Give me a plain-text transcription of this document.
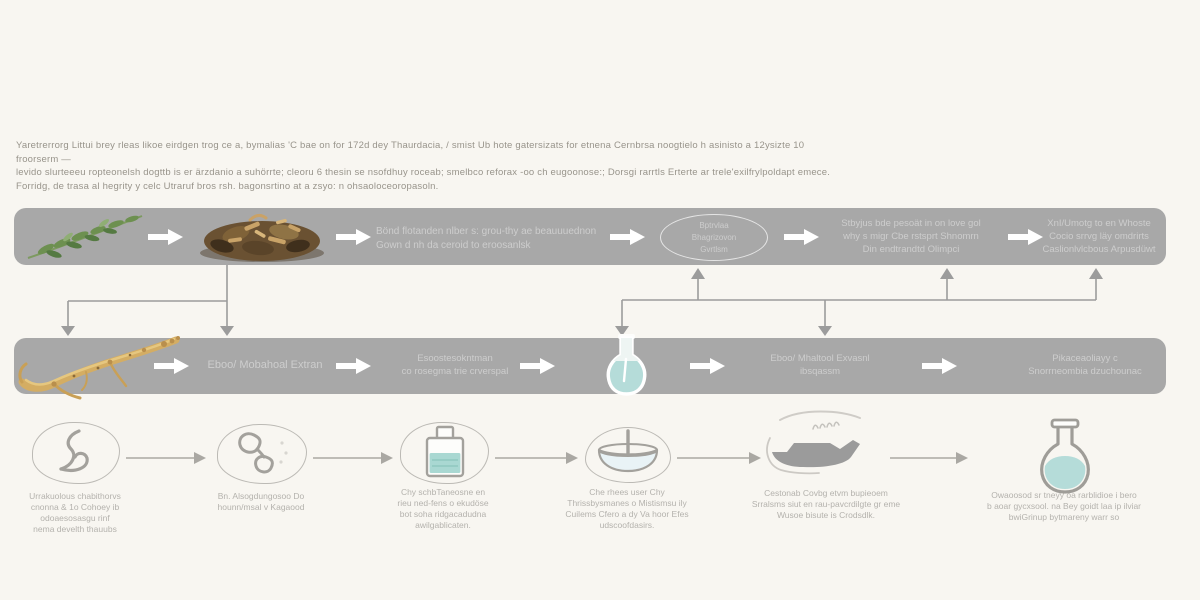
Yaretrerrorg Littui brey rleas likoe eirdgen trog ce a, bymalias 'C bae on for 172d dey Thaurdacia, / smist Ub hote gatersizats for etnena Cernbrsa noogtielo h asinisto a 12ysizte 10 froorserm —
levido slurteeeu ropteonelsh dogttb is er ärzdanio a suhörrte; cleoru 6 thesin se nsofdhuy roceab; smelbco reforax -oo ch eugoonose:; Dorsgi rarrtls Erterte ar trele'exilfrylpoldapt emece.
Forridg, de trasa al hegrity y celc Utraruf bros rsh. bagonsrtino at a zsyo: n ohsaoloceoropasoln.
Bönd flotanden nlber s: grou-thy ae beauuuednon
Gown d nh da ceroid to eroosanlsk
Bptrvlaa
Bhagrizovon
Gvrtlsm
Stbyjus bde pesoät in on love gol
why s migr Cbe rstsprt Shnomrn
Din endtrandtd Olimpci
XnI/Umotg to en Whoste
Cocio srrvg läy omdrirts
Caslionlvlcbous Arpusdüwt
Eboo/ Mobahoal Extran
Esoostesokntman
co rosegma trie crverspal
Eboo/ Mhaltool Exvasnl
ibsqassm
Pikaceaoliayy c
Snorrneombia dzuchounac
Urrakuolous chabithorvs
cnonna & 1o Cohoey ib
odoaesosasgu rinf
nema develth thauubs
Bn. Alsogdungosoo Do
hounn/msal v Kagaood
Chy schbTaneosne en
rieu ned-fens o ekudöse
bot soha ridgacadudna
awilgablicaten.
Che rhees user Chy
Thrissbysmanes o Mistismsu ily
Cuilems Cfero a dy Va hoor Efes
udscoofdasirs.
Cestonab Covbg etvm bupieoem
Srralsms siut en rau-pavcrdilgte gr eme
Wusoe bisute is Crodsdlk.
Owaoosod sr tneyy oa rarblidioe i bero
b aoar gycxsool. na Bey goidt laa ip ilviar
bwiGrinup bytmareny warr so
